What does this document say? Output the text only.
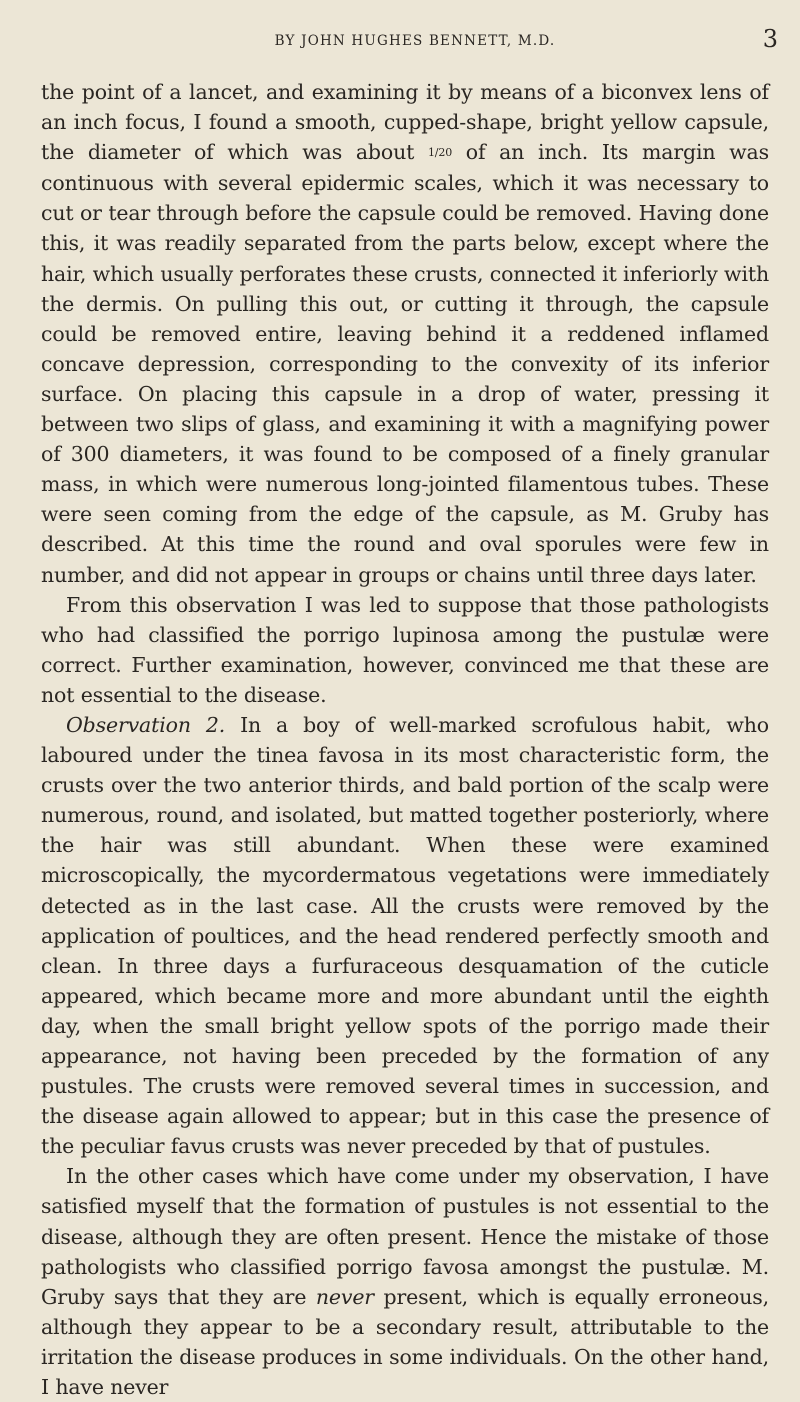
BY JOHN HUGHES BENNETT, M.D.	3

the point of a lancet, and examining it by means of a biconvex lens of an inch focus, I found a smooth, cupped-shape, bright yellow capsule, the diameter of which was about 1/20 of an inch. Its margin was continuous with several epidermic scales, which it was necessary to cut or tear through before the capsule could be removed. Having done this, it was readily separated from the parts below, except where the hair, which usually perforates these crusts, connected it inferiorly with the dermis. On pulling this out, or cutting it through, the capsule could be removed entire, leaving behind it a reddened inflamed concave depression, corresponding to the convexity of its inferior surface. On placing this capsule in a drop of water, pressing it between two slips of glass, and examining it with a magnifying power of 300 diameters, it was found to be composed of a finely granular mass, in which were numerous long-jointed filamentous tubes. These were seen coming from the edge of the capsule, as M. Gruby has described. At this time the round and oval sporules were few in number, and did not appear in groups or chains until three days later.

From this observation I was led to suppose that those pathologists who had classified the porrigo lupinosa among the pustulæ were correct. Further examination, however, convinced me that these are not essential to the disease.

Observation 2. In a boy of well-marked scrofulous habit, who laboured under the tinea favosa in its most characteristic form, the crusts over the two anterior thirds, and bald portion of the scalp were numerous, round, and isolated, but matted together posteriorly, where the hair was still abundant. When these were examined microscopically, the mycordermatous vegetations were immediately detected as in the last case. All the crusts were removed by the application of poultices, and the head rendered perfectly smooth and clean. In three days a furfuraceous desquamation of the cuticle appeared, which became more and more abundant until the eighth day, when the small bright yellow spots of the porrigo made their appearance, not having been preceded by the formation of any pustules. The crusts were removed several times in succession, and the disease again allowed to appear; but in this case the presence of the peculiar favus crusts was never preceded by that of pustules.

In the other cases which have come under my observation, I have satisfied myself that the formation of pustules is not essential to the disease, although they are often present. Hence the mistake of those pathologists who classified porrigo favosa amongst the pustulæ. M. Gruby says that they are never present, which is equally erroneous, although they appear to be a secondary result, attributable to the irritation the disease produces in some individuals. On the other hand, I have never
